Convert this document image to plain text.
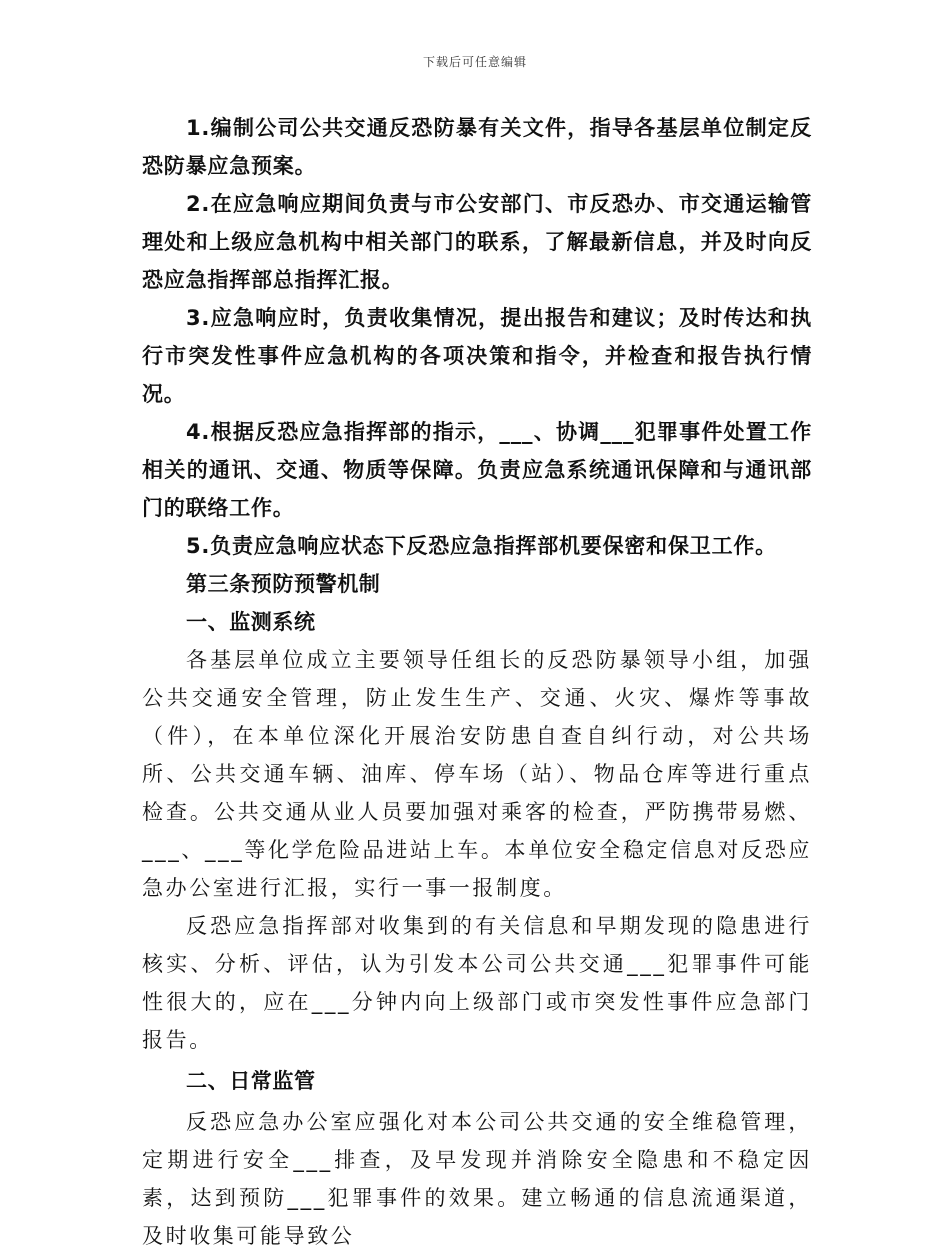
下载后可任意编辑

1.编制公司公共交通反恐防暴有关文件，指导各基层单位制定反恐防暴应急预案。

2.在应急响应期间负责与市公安部门、市反恐办、市交通运输管理处和上级应急机构中相关部门的联系，了解最新信息，并及时向反恐应急指挥部总指挥汇报。

3.应急响应时，负责收集情况，提出报告和建议；及时传达和执行市突发性事件应急机构的各项决策和指令，并检查和报告执行情况。

4.根据反恐应急指挥部的指示，___、协调___犯罪事件处置工作相关的通讯、交通、物质等保障。负责应急系统通讯保障和与通讯部门的联络工作。

5.负责应急响应状态下反恐应急指挥部机要保密和保卫工作。

第三条预防预警机制

一、监测系统

各基层单位成立主要领导任组长的反恐防暴领导小组，加强公共交通安全管理，防止发生生产、交通、火灾、爆炸等事故（件），在本单位深化开展治安防患自查自纠行动，对公共场所、公共交通车辆、油库、停车场（站）、物品仓库等进行重点检查。公共交通从业人员要加强对乘客的检查，严防携带易燃、___、___等化学危险品进站上车。本单位安全稳定信息对反恐应急办公室进行汇报，实行一事一报制度。

反恐应急指挥部对收集到的有关信息和早期发现的隐患进行核实、分析、评估，认为引发本公司公共交通___犯罪事件可能性很大的，应在___分钟内向上级部门或市突发性事件应急部门报告。

二、日常监管

反恐应急办公室应强化对本公司公共交通的安全维稳管理，定期进行安全___排查，及早发现并消除安全隐患和不稳定因素，达到预防___犯罪事件的效果。建立畅通的信息流通渠道，及时收集可能导致公
